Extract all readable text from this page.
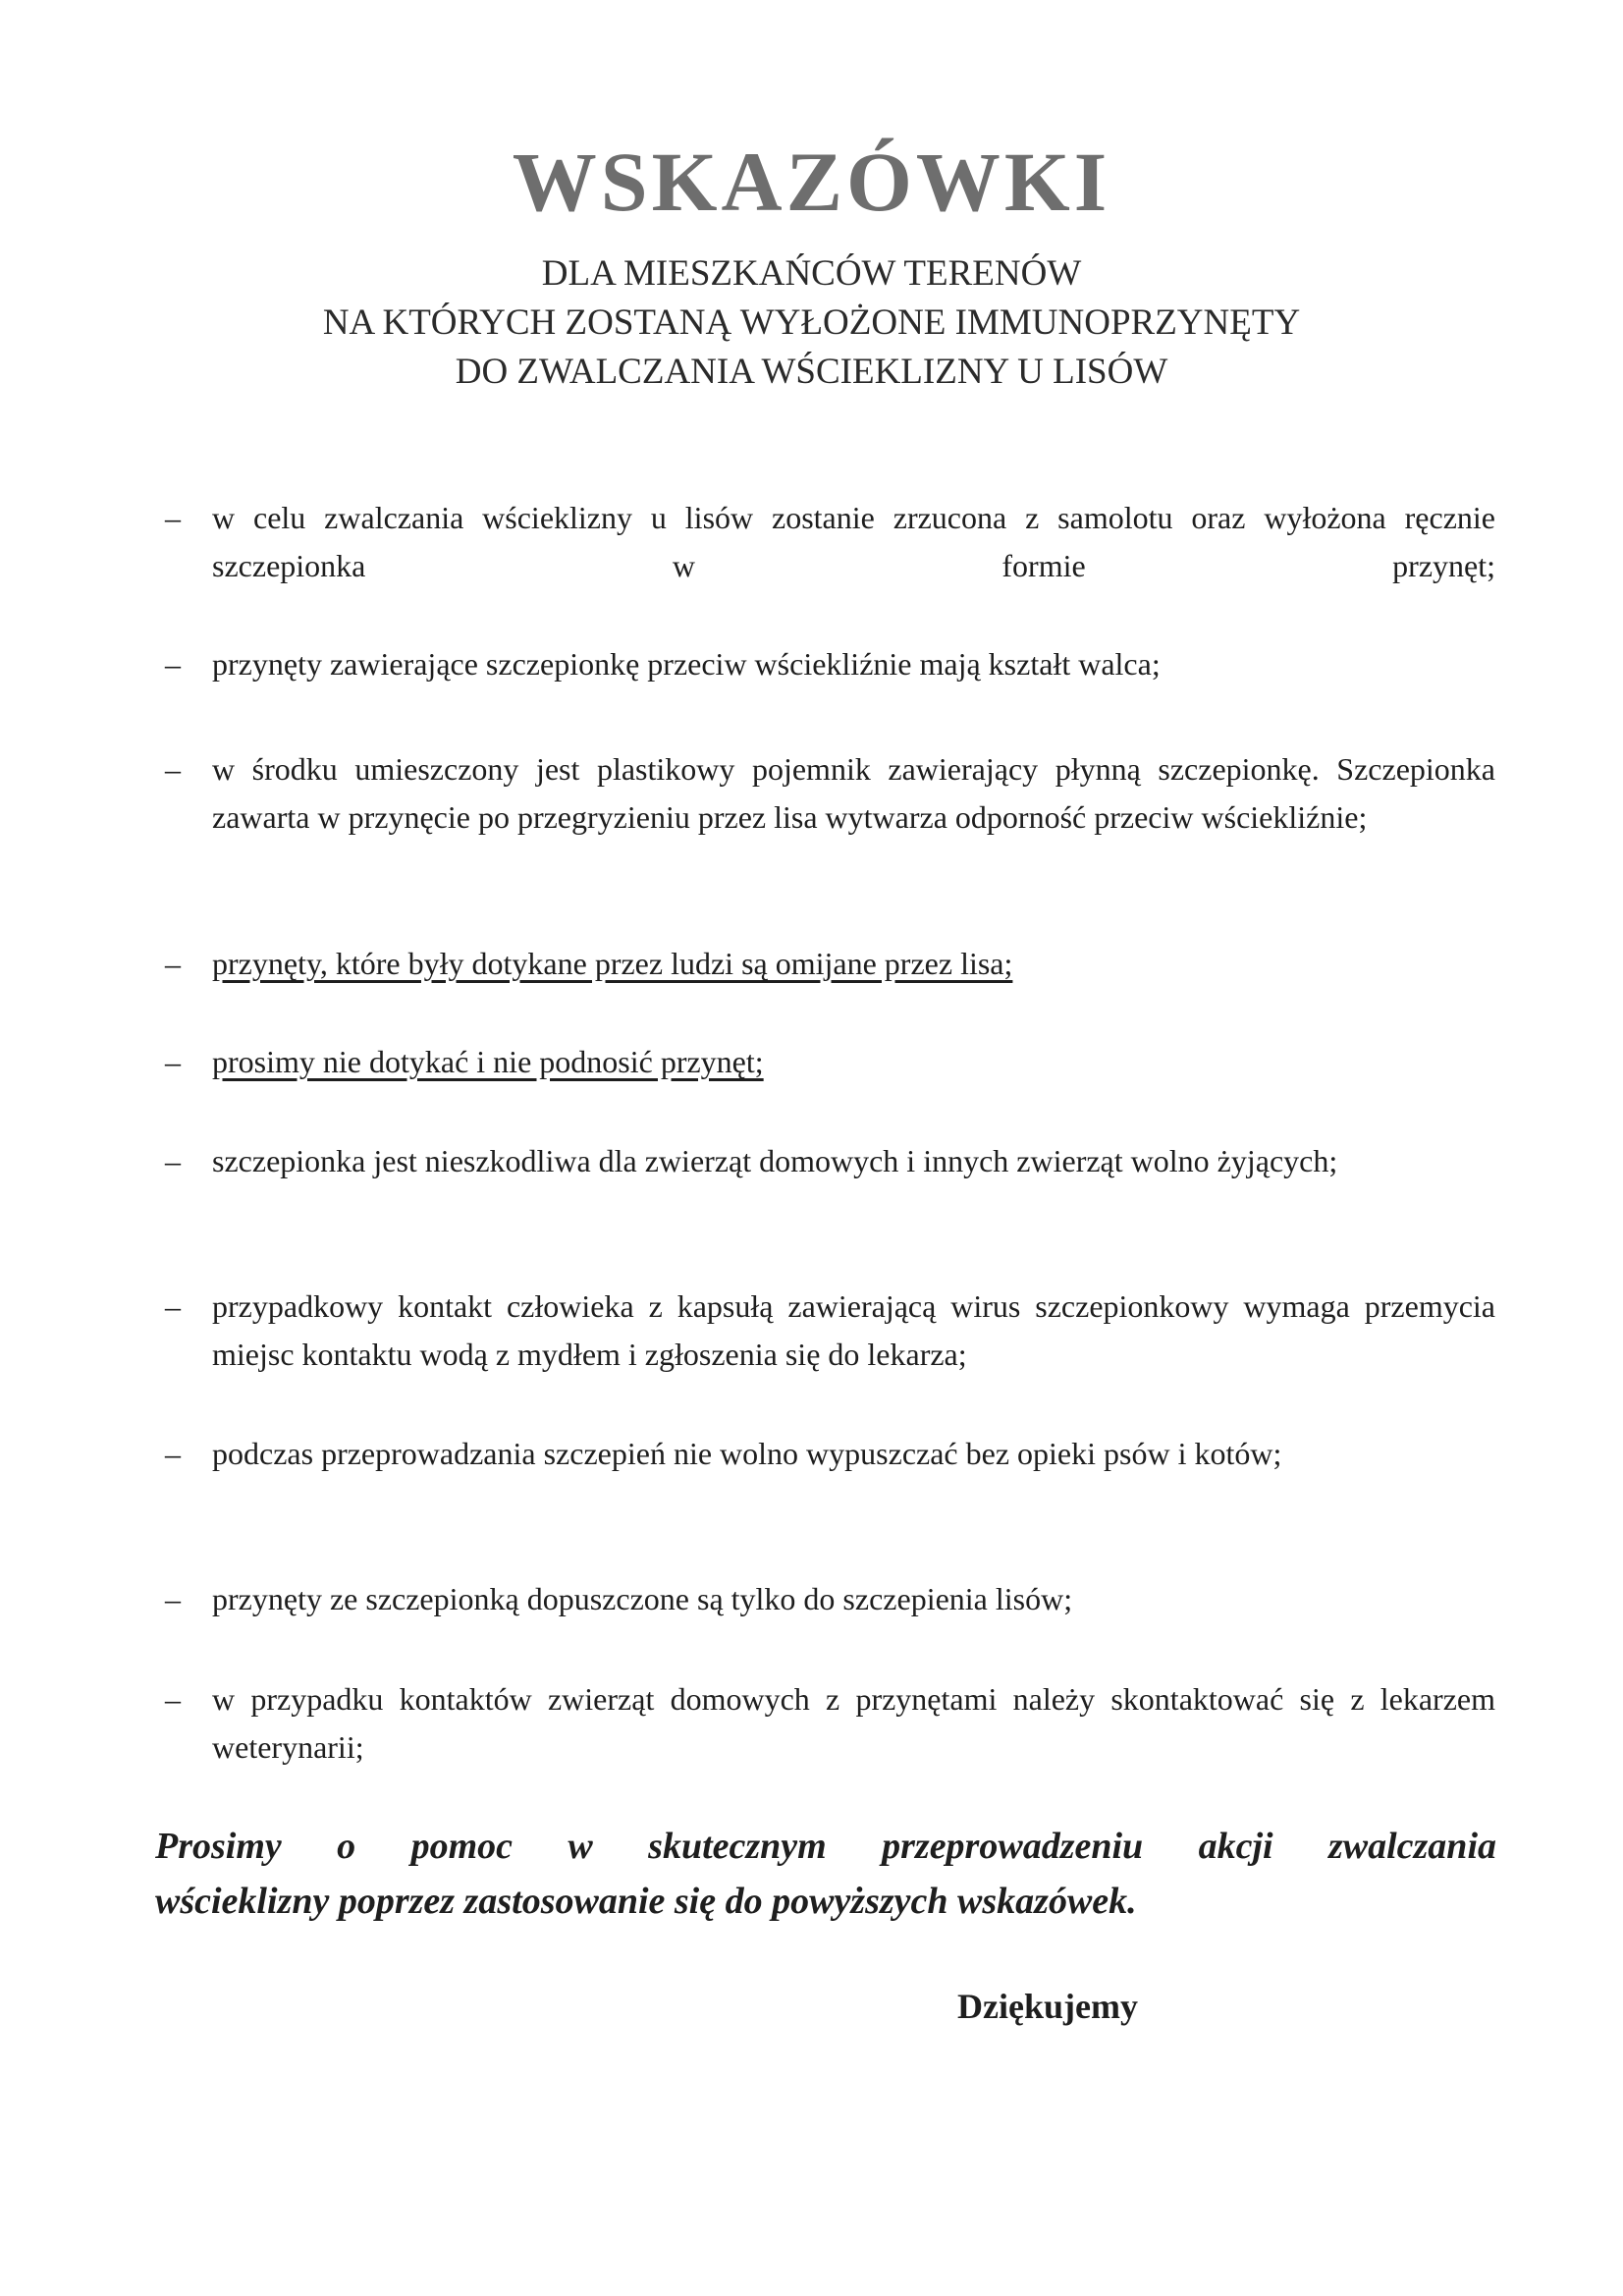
WSKAZÓWKI
DLA MIESZKAŃCÓW TERENÓW
NA KTÓRYCH ZOSTANĄ WYŁOŻONE IMMUNOPRZYNĘTY
DO ZWALCZANIA WŚCIEKLIZNY U LISÓW
–	w celu zwalczania wścieklizny u lisów zostanie zrzucona z samolotu oraz wyłożona ręcznie szczepionka w formie przynęt;
–	przynęty zawierające szczepionkę przeciw wściekliźnie mają kształt walca;
–	w środku umieszczony jest plastikowy pojemnik zawierający płynną szczepionkę. Szczepionka zawarta w przynęcie po przegryzieniu przez lisa wytwarza odporność przeciw wściekliźnie;
–	przynęty, które były dotykane przez ludzi są omijane przez lisa;
–	prosimy nie dotykać i nie podnosić przynęt;
–	szczepionka jest nieszkodliwa dla zwierząt domowych i innych zwierząt wolno żyjących;
–	przypadkowy kontakt człowieka z kapsułą zawierającą wirus szczepionkowy wymaga przemycia miejsc kontaktu wodą z mydłem i zgłoszenia się do lekarza;
–	podczas przeprowadzania szczepień nie wolno wypuszczać bez opieki psów i kotów;
–	przynęty ze szczepionką dopuszczone są tylko do szczepienia lisów;
–	w przypadku kontaktów zwierząt domowych z przynętami należy skontaktować się z lekarzem weterynarii;
Prosimy o pomoc w skutecznym przeprowadzeniu akcji zwalczania
wścieklizny poprzez zastosowanie się do powyższych wskazówek.
Dziękujemy
